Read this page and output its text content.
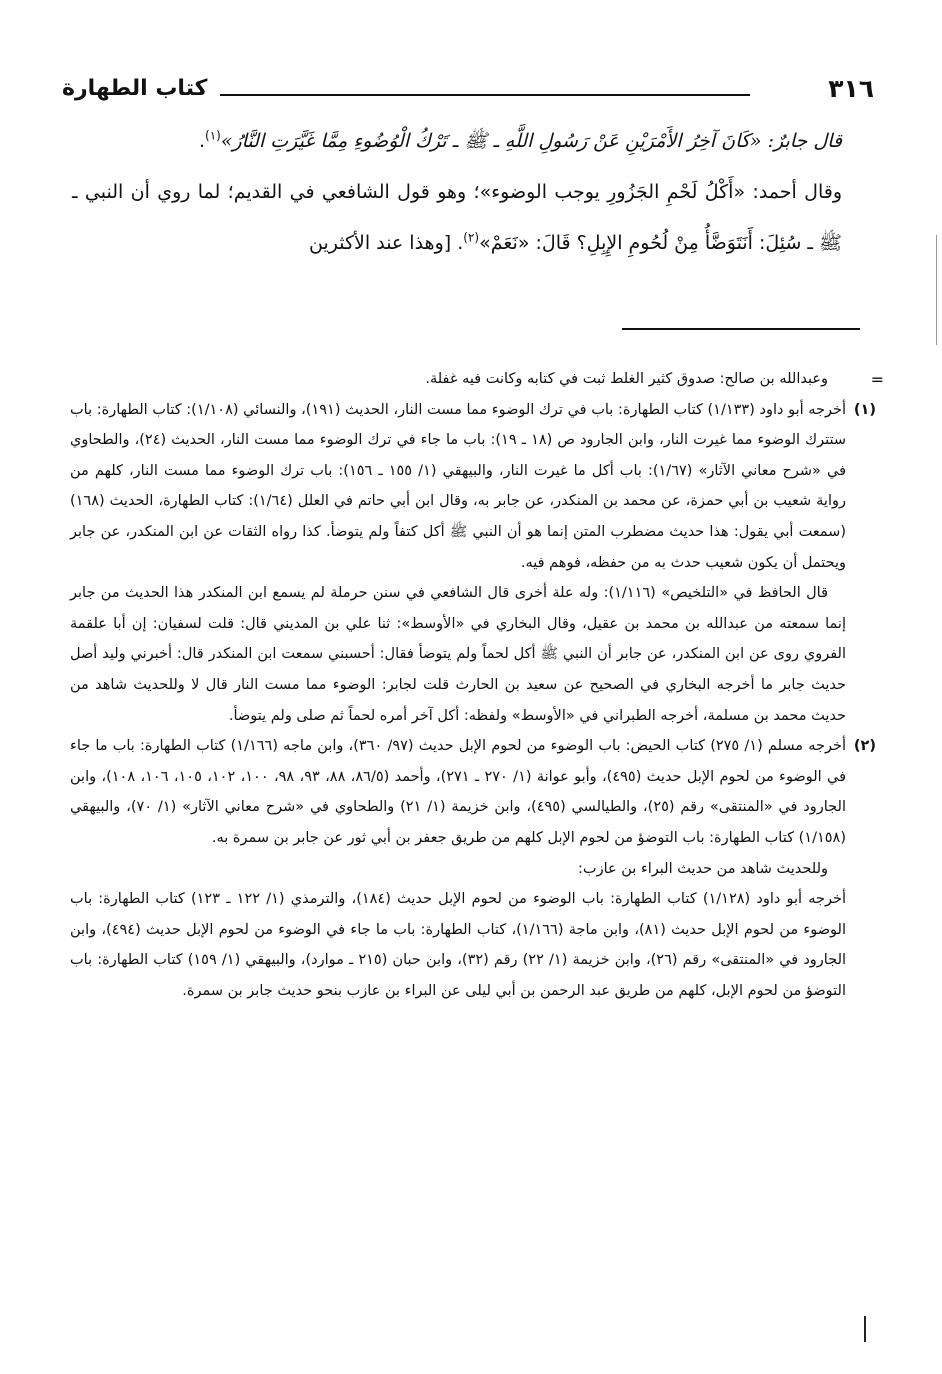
٣١٦
كتاب الطهارة

قال جابرٌ: «كَانَ آخِرُ الأَمْرَيْنِ عَنْ رَسُولِ اللَّهِ ـ ﷺ ـ تَرْكُ الْوُضُوءِ مِمَّا غَيَّرَتِ النَّارُ»$^{(١)}$.

وقال أحمد: «أَكْلُ لَحْمِ الجَزُورِ يوجب الوضوء»؛ وهو قول الشافعي في القديم؛ لما روي أن النبي ـ ﷺ ـ سُئِلَ: أَنَتَوَضَّأُ مِنْ لُحُومِ الإِبِلِ؟ قَالَ: «نَعَمْ»$^{(٢)}$. [وهذا عند الأكثرين

=

وعبدالله بن صالح: صدوق كثير الغلط ثبت في كتابه وكانت فيه غفلة.

(١)

أخرجه أبو داود (١/١٣٣) كتاب الطهارة: باب في ترك الوضوء مما مست النار، الحديث (١٩١)، والنسائي (١/١٠٨): كتاب الطهارة: باب ستترك الوضوء مما غيرت النار، وابن الجارود ص (١٨ ـ ١٩): باب ما جاء في ترك الوضوء مما مست النار، الحديث (٢٤)، والطحاوي في «شرح معاني الآثار» (١/٦٧): باب أكل ما غيرت النار، والبيهقي (١/ ١٥٥ ـ ١٥٦): باب ترك الوضوء مما مست النار، كلهم من رواية شعيب بن أبي حمزة، عن محمد بن المنكدر، عن جابر به، وقال ابن أبي حاتم في العلل (١/٦٤): كتاب الطهارة، الحديث (١٦٨) (سمعت أبي يقول: هذا حديث مضطرب المتن إنما هو أن النبي ﷺ أكل كتفاً ولم يتوضأ. كذا رواه الثقات عن ابن المنكدر، عن جابر ويحتمل أن يكون شعيب حدث به من حفظه، فوهم فيه.

قال الحافظ في «التلخيص» (١/١١٦): وله علة أخرى قال الشافعي في سنن حرملة لم يسمع ابن المنكدر هذا الحديث من جابر إنما سمعته من عبدالله بن محمد بن عقيل، وقال البخاري في «الأوسط»: ثنا علي بن المديني قال: قلت لسفيان: إن أبا علقمة الفروي روى عن ابن المنكدر، عن جابر أن النبي ﷺ أكل لحماً ولم يتوضأ فقال: أحسبني سمعت ابن المنكدر قال: أخبرني وليد أصل حديث جابر ما أخرجه البخاري في الصحيح عن سعيد بن الحارث قلت لجابر: الوضوء مما مست النار قال لا وللحديث شاهد من حديث محمد بن مسلمة، أخرجه الطبراني في «الأوسط» ولفظه: أكل آخر أمره لحماً ثم صلى ولم يتوضأ.

(٢)

أخرجه مسلم (١/ ٢٧٥) كتاب الحيض: باب الوضوء من لحوم الإبل حديث (٩٧/ ٣٦٠)، وابن ماجه (١/١٦٦) كتاب الطهارة: باب ما جاء في الوضوء من لحوم الإبل حديث (٤٩٥)، وأبو عوانة (١/ ٢٧٠ ـ ٢٧١)، وأحمد (٨٦/٥، ٨٨، ٩٣، ٩٨، ١٠٠، ١٠٢، ١٠٥، ١٠٦، ١٠٨)، وابن الجارود في «المنتقى» رقم (٢٥)، والطيالسي (٤٩٥)، وابن خزيمة (١/ ٢١) والطحاوي في «شرح معاني الآثار» (١/ ٧٠)، والبيهقي (١/١٥٨) كتاب الطهارة: باب التوضؤ من لحوم الإبل كلهم من طريق جعفر بن أبي ثور عن جابر بن سمرة به.

وللحديث شاهد من حديث البراء بن عازب:

أخرجه أبو داود (١/١٢٨) كتاب الطهارة: باب الوضوء من لحوم الإبل حديث (١٨٤)، والترمذي (١/ ١٢٢ ـ ١٢٣) كتاب الطهارة: باب الوضوء من لحوم الإبل حديث (٨١)، وابن ماجة (١/١٦٦)، كتاب الطهارة: باب ما جاء في الوضوء من لحوم الإبل حديث (٤٩٤)، وابن الجارود في «المنتقى» رقم (٢٦)، وابن خزيمة (١/ ٢٢) رقم (٣٢)، وابن حبان (٢١٥ ـ موارد)، والبيهقي (١/ ١٥٩) كتاب الطهارة: باب التوضؤ من لحوم الإبل، كلهم من طريق عبد الرحمن بن أبي ليلى عن البراء بن عازب بنحو حديث جابر بن سمرة.
